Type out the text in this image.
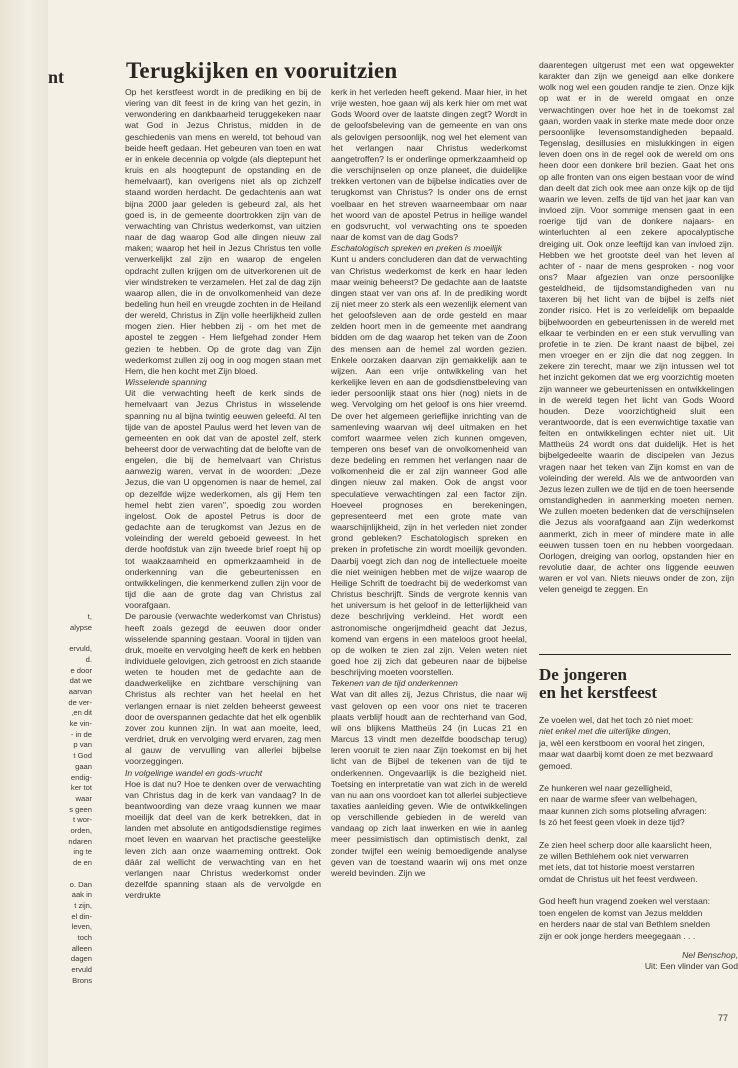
nt
t,
alypse
ervuld,
d.
e door
dat we
aarvan
de ver-
,en dit
ke vin-
- in de
p van
t God
gaan
endig-
ker tot
waar
s geen
t wor-
orden,
ndaren
ing te
de en
o. Dan
aak in
t zijn,
el din-
leven,
toch
alleen
dagen
ervuld
Brons
Terugkijken en vooruitzien

Op het kerstfeest wordt in de prediking en bij de viering van dit feest in de kring van het gezin, in verwondering en dankbaarheid teruggekeken naar wat God in Jezus Christus, midden in de geschiedenis van mens en wereld, tot behoud van beide heeft gedaan. Het gebeuren van toen en wat er in enkele decennia op volgde (als dieptepunt het kruis en als hoogtepunt de opstanding en de hemelvaart), kan overigens niet als op zichzelf staand worden herdacht. De gedachtenis aan wat bijna 2000 jaar geleden is gebeurd zal, als het goed is, in de gemeente doortrokken zijn van de verwachting van Christus wederkomst, van uitzien naar de dag waarop God alle dingen nieuw zal maken; waarop het heil in Jezus Christus ten volle verwerkelijkt zal zijn en waarop de engelen opdracht zullen krijgen om de uitverkorenen uit de vier windstreken te verzamelen. Het zal de dag zijn waarop allen, die in de onvolkomenheid van deze bedeling hun heil en vreugde zochten in de Heiland der wereld, Christus in Zijn volle heerlijkheid zullen mogen zien. Hier hebben zij - om het met de apostel te zeggen - Hem liefgehad zonder Hem gezien te hebben. Op de grote dag van Zijn wederkomst zullen zij oog in oog mogen staan met Hem, die hen kocht met Zijn bloed.

Wisselende spanning

Uit die verwachting heeft de kerk sinds de hemelvaart van Jezus Christus in wisselende spanning nu al bijna twintig eeuwen geleefd. Al ten tijde van de apostel Paulus werd het leven van de gemeenten en ook dat van de apostel zelf, sterk beheerst door de verwachting dat de belofte van de engelen, die bij de hemelvaart van Christus aanwezig waren, vervat in de woorden: „Deze Jezus, die van U opgenomen is naar de hemel, zal op dezelfde wijze wederkomen, als gij Hem ten hemel hebt zien varen'', spoedig zou worden ingelost. Ook de apostel Petrus is door de gedachte aan de terugkomst van Jezus en de voleinding der wereld geboeid geweest. In het derde hoofdstuk van zijn tweede brief roept hij op tot waakzaamheid en opmerkzaamheid in de onderkenning van die gebeurtenissen en ontwikkelingen, die kenmerkend zullen zijn voor de tijd die aan de grote dag van Christus zal voorafgaan.

De parousie (verwachte wederkomst van Christus) heeft zoals gezegd de eeuwen door onder wisselende spanning gestaan. Vooral in tijden van druk, moeite en vervolging heeft de kerk en hebben individuele gelovigen, zich getroost en zich staande weten te houden met de gedachte aan de daadwerkelijke en zichtbare verschijning van Christus als rechter van het heelal en het verlangen ernaar is niet zelden beheerst geweest door de overspannen gedachte dat het elk ogenblik zover zou kunnen zijn. In wat aan moeite, leed, verdriet, druk en vervolging werd ervaren, zag men al gauw de vervulling van allerlei bijbelse voorzeggingen.

In volgelinge wandel en gods-vrucht

Hoe is dat nu? Hoe te denken over de verwachting van Christus dag in de kerk van vandaag? In de beantwoording van deze vraag kunnen we maar moeilijk dat deel van de kerk betrekken, dat in landen met absolute en antigodsdienstige regimes moet leven en waarvan het practische geestelijke leven zich aan onze waarneming onttrekt. Ook dáár zal wellicht de verwachting van en het verlangen naar Christus wederkomst onder dezelfde spanning staan als de vervolgde en verdrukte

kerk in het verleden heeft gekend. Maar hier, in het vrije westen, hoe gaan wij als kerk hier om met wat Gods Woord over de laatste dingen zegt? Wordt in de geloofsbeleving van de gemeente en van ons als gelovigen persoonlijk, nog wel het element van het verlangen naar Christus wederkomst aangetroffen? Is er onderlinge opmerkzaamheid op die verschijnselen op onze planeet, die duidelijke trekken vertonen van de bijbelse indicaties over de terugkomst van Christus? Is onder ons de ernst voelbaar en het streven waarneembaar om naar het woord van de apostel Petrus in heilige wandel en godsvrucht, vol verwachting ons te spoeden naar de komst van de dag Gods?

Eschatologisch spreken en preken is moeilijk

Kunt u anders concluderen dan dat de verwachting van Christus wederkomst de kerk en haar leden maar weinig beheerst? De gedachte aan de laatste dingen staat ver van ons af. In de prediking wordt zij niet meer zo sterk als een wezenlijk element van het geloofsleven aan de orde gesteld en maar zelden hoort men in de gemeente met aandrang bidden om de dag waarop het teken van de Zoon des mensen aan de hemel zal worden gezien. Enkele oorzaken daarvan zijn gemakkelijk aan te wijzen. Aan een vrije ontwikkeling van het kerkelijke leven en aan de godsdienstbeleving van ieder persoonlijk staat ons hier (nog) niets in de weg. Vervolging om het geloof is ons hier vreemd. De over het algemeen gerieflijke inrichting van de samenleving waarvan wij deel uitmaken en het comfort waarmee velen zich kunnen omgeven, temperen ons besef van de onvolkomenheid van deze bedeling en remmen het verlangen naar de volkomenheid die er zal zijn wanneer God alle dingen nieuw zal maken. Ook de angst voor speculatieve verwachtingen zal een factor zijn. Hoeveel prognoses en berekeningen, gepresenteerd met een grote mate van waarschijnlijkheid, zijn in het verleden niet zonder grond gebleken? Eschatologisch spreken en preken in profetische zin wordt moeilijk gevonden. Daarbij voegt zich dan nog de intellectuele moeite die niet weinigen hebben met de wijze waarop de Heilige Schrift de toedracht bij de wederkomst van Christus beschrijft. Sinds de vergrote kennis van het universum is het geloof in de letterlijkheid van deze beschrijving verkleind. Het wordt een astronomische ongerijmdheid geacht dat Jezus, komend van ergens in een mateloos groot heelal, op de wolken te zien zal zijn. Velen weten niet goed hoe zij zich dat gebeuren naar de bijbelse beschrijving moeten voorstellen.

Tekenen van de tijd onderkennen

Wat van dit alles zij, Jezus Christus, die naar wij vast geloven op een voor ons niet te traceren plaats verblijf houdt aan de rechterhand van God, wil ons blijkens Mattheüs 24 (in Lucas 21 en Marcus 13 vindt men dezelfde boodschap terug) leren vooruit te zien naar Zijn toekomst en bij het licht van de Bijbel de tekenen van de tijd te onderkennen. Ongevaarlijk is die bezigheid niet. Toetsing en interpretatie van wat zich in de wereld van nu aan ons voordoet kan tot allerlei subjectieve taxaties aanleiding geven. Wie de ontwikkelingen op verschillende gebieden in de wereld van vandaag op zich laat inwerken en wie in aanleg meer pessimistisch dan optimistisch denkt, zal zonder twijfel een weinig bemoedigende analyse geven van de toestand waarin wij ons met onze wereld bevinden. Zijn we

daarentegen uitgerust met een wat opgewekter karakter dan zijn we geneigd aan elke donkere wolk nog wel een gouden randje te zien. Onze kijk op wat er in de wereld omgaat en onze verwachtingen over hoe het in de toekomst zal gaan, worden vaak in sterke mate mede door onze persoonlijke levensomstandigheden bepaald. Tegenslag, desillusies en mislukkingen in eigen leven doen ons in de regel ook de wereld om ons heen door een donkere bril bezien. Gaat het ons op alle fronten van ons eigen bestaan voor de wind dan deelt dat zich ook mee aan onze kijk op de tijd waarin we leven. zelfs de tijd van het jaar kan van invloed zijn. Voor sommige mensen gaat in een roerige tijd van de donkere najaars- en winterluchten al een zekere apocalyptische dreiging uit. Ook onze leeftijd kan van invloed zijn. Hebben we het grootste deel van het leven al achter of - naar de mens gesproken - nog voor ons? Maar afgezien van onze persoonlijke gesteldheid, de tijdsomstandigheden van nu taxeren bij het licht van de bijbel is zelfs niet zonder risico. Het is zo verleidelijk om bepaalde bijbelwoorden en gebeurtenissen in de wereld met elkaar te verbinden en er een stuk vervulling van profetie in te zien. De krant naast de bijbel, zei men vroeger en er zijn die dat nog zeggen. In zekere zin terecht, maar we zijn intussen wel tot het inzicht gekomen dat we erg voorzichtig moeten zijn wanneer we gebeurtenissen en ontwikkelingen in de wereld tegen het licht van Gods Woord houden. Deze voorzichtigheid sluit een verantwoorde, dat is een evenwichtige taxatie van feiten en ontwikkelingen echter niet uit. Uit Mattheüs 24 wordt ons dat duidelijk. Het is het bijbelgedeelte waarin de discipelen van Jezus vragen naar het teken van Zijn komst en van de voleinding der wereld. Als we de antwoorden van Jezus lezen zullen we de tijd en de toen heersende omstandigheden in aanmerking moeten nemen. We zullen moeten bedenken dat de verschijnselen die Jezus als voorafgaand aan Zijn wederkomst aanmerkt, zich in meer of mindere mate in alle eeuwen tussen toen en nu hebben voorgedaan. Oorlogen, dreiging van oorlog, opstanden hier en revolutie daar, de achter ons liggende eeuwen waren er vol van. Niets nieuws onder de zon, zijn velen geneigd te zeggen. En

De jongeren
en het kerstfeest
Ze voelen wel, dat het toch zó niet moet:
niet enkel met die uiterlijke dingen,
ja, wèl een kerstboom en vooral het zingen,
maar wat daarbij komt doen ze met bezwaard
gemoed.
Ze hunkeren wel naar gezelligheid,
en naar de warme sfeer van welbehagen,
maar kunnen zich soms plotseling afvragen:
Is zó het feest geen vloek in deze tijd?
Ze zien heel scherp door alle kaarslicht heen,
ze willen Bethlehem ook niet verwarren
met iets, dat tot historie moest verstarren
omdat de Christus uit het feest verdween.
God heeft hun vragend zoeken wel verstaan:
toen engelen de komst van Jezus meldden
en herders naar de stal van Bethlem snelden
zijn er ook jonge herders meegegaan . . .
Nel Benschop,
Uit: Een vlinder van God
77
